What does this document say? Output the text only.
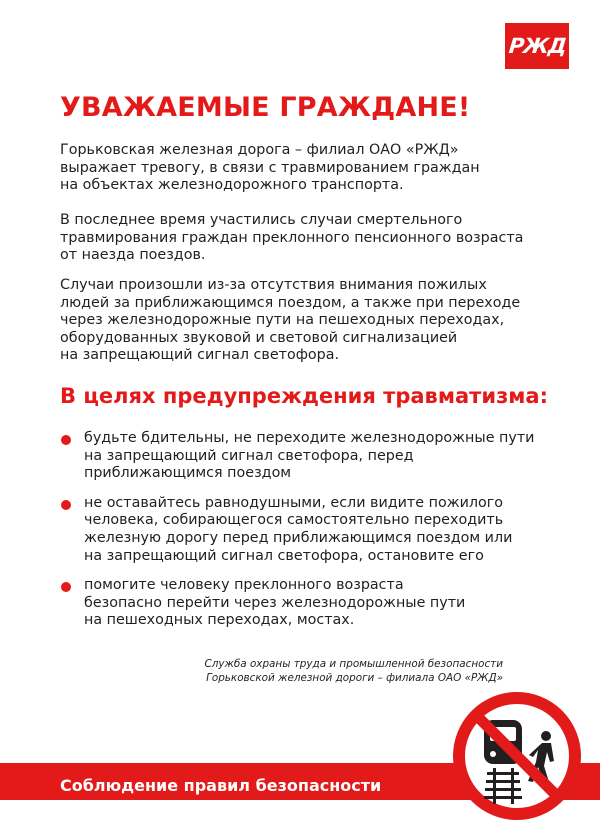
РЖД
УВАЖАЕМЫЕ ГРАЖДАНЕ!

Горьковская железная дорога – филиал ОАО «РЖД»
выражает тревогу, в связи с травмированием граждан
на объектах железнодорожного транспорта.

В последнее время участились случаи смертельного
травмирования граждан преклонного пенсионного возраста
от наезда поездов.

Случаи произошли из-за отсутствия внимания пожилых
людей за приближающимся поездом, а также при переходе
через железнодорожные пути на пешеходных переходах,
оборудованных звуковой и световой сигнализацией
на запрещающий сигнал светофора.

В целях предупреждения травматизма:
будьте бдительны, не переходите железнодорожные пути
на запрещающий сигнал светофора, перед
приближающимся поездом
не оставайтесь равнодушными, если видите пожилого
человека, собирающегося самостоятельно переходить
железную дорогу перед приближающимся поездом или
на запрещающий сигнал светофора, остановите его
помогите человеку преклонного возраста
безопасно перейти через железнодорожные пути
на пешеходных переходах, мостах.
Служба охраны труда и промышленной безопасности
Горьковской железной дороги – филиала ОАО «РЖД»
Соблюдение правил безопасности
